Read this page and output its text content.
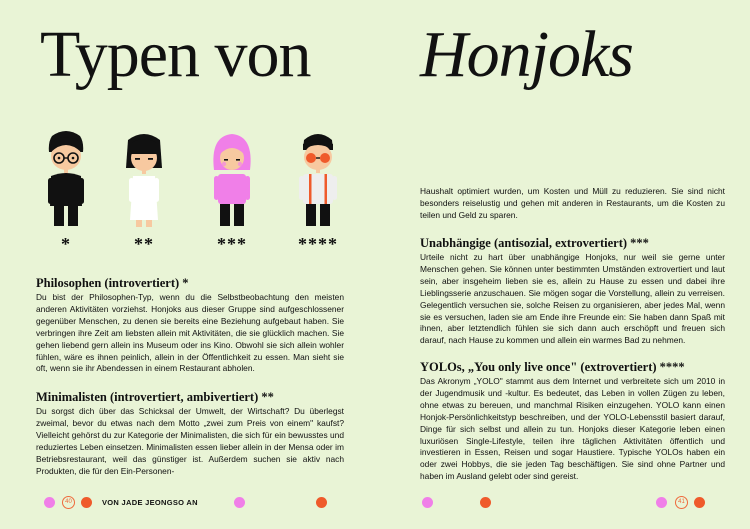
Typen von
*	**	***	****

Philosophen (introvertiert) *

Du bist der Philosophen-Typ, wenn du die Selbstbeobachtung den meisten anderen Aktivitäten vorziehst. Honjoks aus dieser Gruppe sind aufgeschlossener gegenüber Menschen, zu denen sie bereits eine Beziehung aufgebaut haben. Sie verbringen ihre Zeit am liebsten allein mit Aktivitäten, die sie glücklich machen. Sie gehen liebend gern allein ins Museum oder ins Kino. Obwohl sie sich allein wohler fühlen, wäre es ihnen peinlich, allein in der Öffentlichkeit zu essen. Man sieht sie oft, wenn sie ihr Abendessen in einem Restaurant abholen.

Minimalisten (introvertiert, ambivertiert) **

Du sorgst dich über das Schicksal der Umwelt, der Wirtschaft? Du überlegst zweimal, bevor du etwas nach dem Motto „zwei zum Preis von einem" kaufst? Vielleicht gehörst du zur Kategorie der Minimalisten, die sich für ein bewusstes und reduziertes Leben einsetzen. Minimalisten essen lieber allein in der Mensa oder im Betriebsrestaurant, weil das günstiger ist. Außerdem suchen sie aktiv nach Produkten, die für den Ein-Personen-

40	VON JADE JEONGSO AN
Honjoks

Haushalt optimiert wurden, um Kosten und Müll zu reduzieren. Sie sind nicht besonders reiselustig und gehen mit anderen in Restaurants, um die Kosten zu teilen und Geld zu sparen.

Unabhängige (antisozial, extrovertiert) ***

Urteile nicht zu hart über unabhängige Honjoks, nur weil sie gerne unter Menschen gehen. Sie können unter bestimmten Umständen extrovertiert und laut sein, aber insgeheim lieben sie es, allein zu Hause zu essen und dabei ihre Lieblingsserie anzuschauen. Sie mögen sogar die Vorstellung, allein zu verreisen. Gelegentlich versuchen sie, solche Reisen zu organisieren, aber jedes Mal, wenn sie es versuchen, laden sie am Ende ihre Freunde ein: Sie haben dann Spaß mit ihnen, aber letztendlich fühlen sie sich dann auch erschöpft und freuen sich darauf, nach Hause zu kommen und allein ein warmes Bad zu nehmen.

YOLOs, „You only live once" (extrovertiert) ****

Das Akronym „YOLO" stammt aus dem Internet und verbreitete sich um 2010 in der Jugendmusik und -kultur. Es bedeutet, das Leben in vollen Zügen zu leben, ohne etwas zu bereuen, und manchmal Risiken einzugehen. YOLO kann einen Honjok-Persönlichkeitstyp beschreiben, und der YOLO-Lebensstil basiert darauf, Dinge für sich selbst und allein zu tun. Honjoks dieser Kategorie leben einen luxuriösen Single-Lifestyle, teilen ihre täglichen Aktivitäten öffentlich und investieren in Essen, Reisen und sogar Haustiere. Typische YOLOs haben ein oder zwei Hobbys, die sie jeden Tag beschäftigen. Sie sind ohne Partner und haben im Ausland gelebt oder sind gereist.

41
